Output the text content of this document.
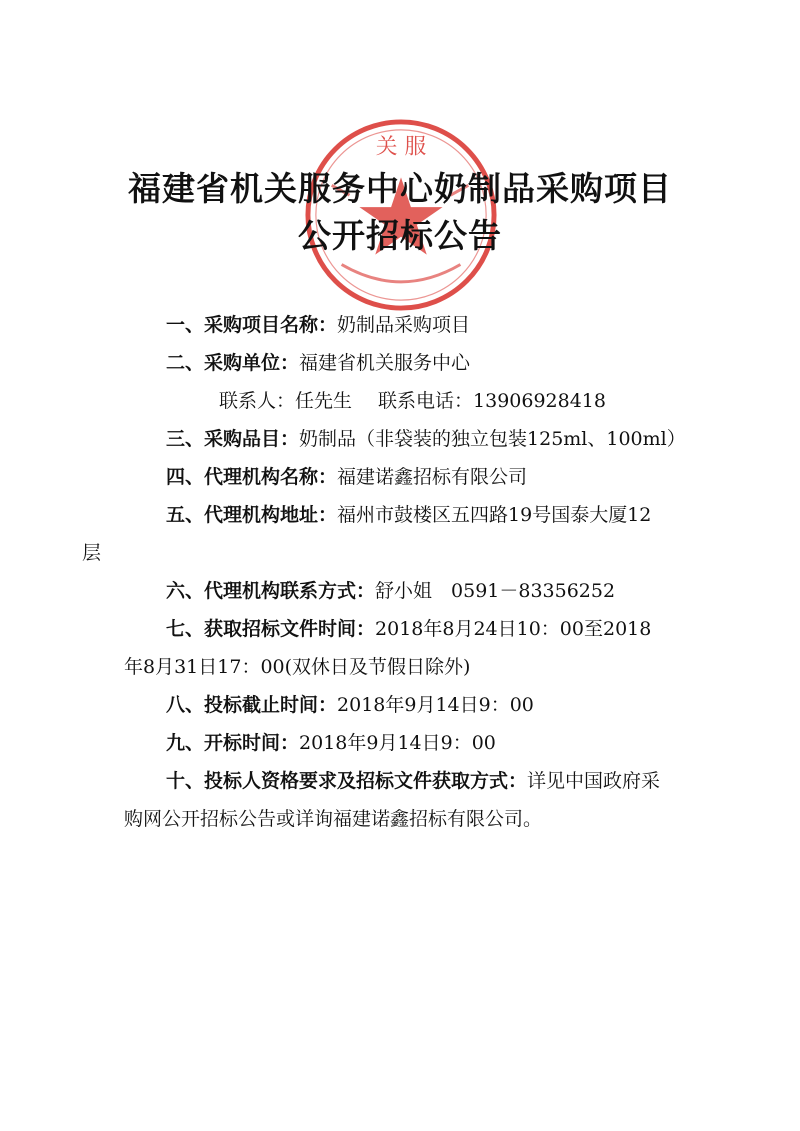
关 服
福建省机关服务中心奶制品采购项目
公开招标公告
一、采购项目名称：奶制品采购项目
二、采购单位：福建省机关服务中心
联系人：任先生 联系电话：13906928418
三、采购品目：奶制品（非袋装的独立包装125ml、100ml）
四、代理机构名称：福建诺鑫招标有限公司
五、代理机构地址：福州市鼓楼区五四路19号国泰大厦12层
六、代理机构联系方式：舒小姐　0591－83356252
七、获取招标文件时间：2018年8月24日10：00至2018年8月31日17：00(双休日及节假日除外)
八、投标截止时间：2018年9月14日9：00
九、开标时间：2018年9月14日9：00
十、投标人资格要求及招标文件获取方式：详见中国政府采购网公开招标公告或详询福建诺鑫招标有限公司。
